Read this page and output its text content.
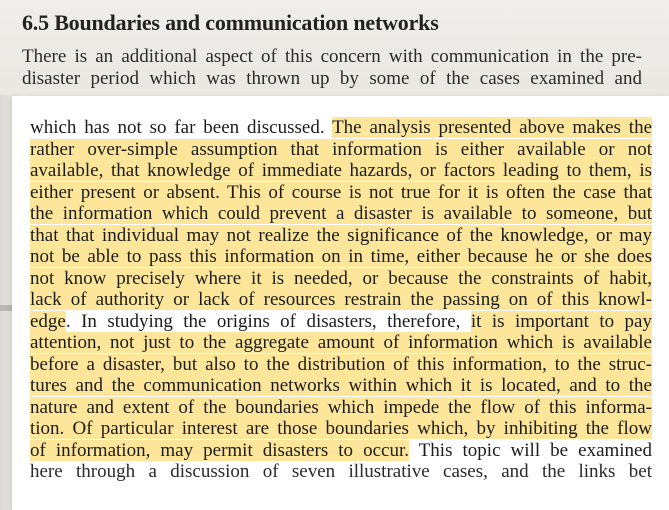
6.5 Boundaries and communication networks

There is an additional aspect of this concern with communication in the pre-
disaster period which was thrown up by some of the cases examined and

which has not so far been discussed. The analysis presented above makes the
rather over-simple assumption that information is either available or not
available, that knowledge of immediate hazards, or factors leading to them, is
either present or absent. This of course is not true for it is often the case that
the information which could prevent a disaster is available to someone, but
that that individual may not realize the significance of the knowledge, or may
not be able to pass this information on in time, either because he or she does
not know precisely where it is needed, or because the constraints of habit,
lack of authority or lack of resources restrain the passing on of this knowl-
edge. In studying the origins of disasters, therefore, it is important to pay
attention, not just to the aggregate amount of information which is available
before a disaster, but also to the distribution of this information, to the struc-
tures and the communication networks within which it is located, and to the
nature and extent of the boundaries which impede the flow of this informa-
tion. Of particular interest are those boundaries which, by inhibiting the flow
of information, may permit disasters to occur. This topic will be examined
